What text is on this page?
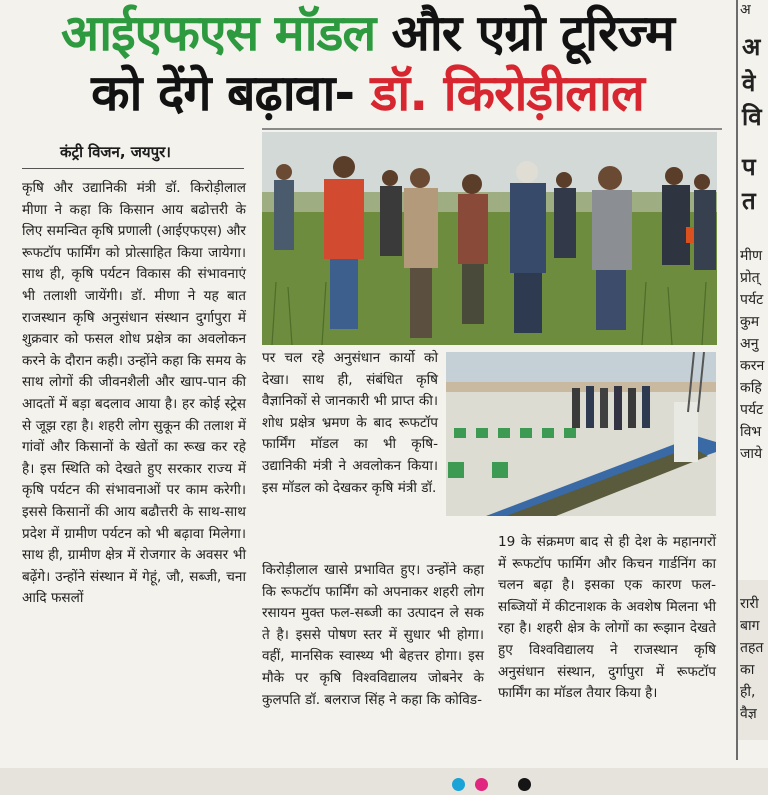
आईएफएस मॉडल और एग्रो टूरिज्म
को देंगे बढ़ावा- डॉ. किरोड़ीलाल
कंट्री विजन, जयपुर।
कृषि और उद्यानिकी मंत्री डॉ. किरोड़ीलाल मीणा ने कहा कि किसान आय बढोत्तरी के लिए समन्वित कृषि प्रणाली (आईएफएस) और रूफटॉप फार्मिंग को प्रोत्साहित किया जायेगा। साथ ही, कृषि पर्यटन विकास की संभावनाएं भी तलाशी जायेंगी। डॉ. मीणा ने यह बात राजस्थान कृषि अनुसंधान संस्थान दुर्गापुरा में शुक्रवार को फसल शोध प्रक्षेत्र का अवलोकन करने के दौरान कही। उन्होंने कहा कि समय के साथ लोगों की जीवनशैली और खाप-पान की आदतों में बड़ा बदलाव आया है। हर कोई स्ट्रेस से जूझ रहा है। शहरी लोग सुकून की तलाश में गांवों और किसानों के खेतों का रूख कर रहे है। इस स्थिति को देखते हुए सरकार राज्य में कृषि पर्यटन की संभावनाओं पर काम करेगी। इससे किसानों की आय बढौत्तरी के साथ-साथ प्रदेश में ग्रामीण पर्यटन को भी बढ़ावा मिलेगा। साथ ही, ग्रामीण क्षेत्र में रोजगार के अवसर भी बढ़ेंगे। उन्होंने संस्थान में गेहूं, जौ, सब्जी, चना आदि फसलों
पर चल रहे अनुसंधान कार्यो को देखा। साथ ही, संबंधित कृषि वैज्ञानिकों से जानकारी भी प्राप्त की। शोध प्रक्षेत्र भ्रमण के बाद रूफटॉप फार्मिंग मॉडल का भी कृषि-उद्यानिकी मंत्री ने अवलोकन किया। इस मॉडल को देखकर कृषि मंत्री डॉ.
किरोड़ीलाल खासे प्रभावित हुए। उन्होंने कहा कि रूफटॉप फार्मिंग को अपनाकर शहरी लोग रसायन मुक्त फल-सब्जी का उत्पादन ले सक ते है। इससे पोषण स्तर में सुधार भी होगा। वहीं, मानसिक स्वास्थ्य भी बेहत्तर होगा। इस मौके पर कृषि विश्वविद्यालय जोबनेर के कुलपति डॉ. बलराज सिंह ने कहा कि कोविड-
19 के संक्रमण बाद से ही देश के महानगरों में रूफटॉप फार्मिग और किचन गार्डनिंग का चलन बढ़ा है। इसका एक कारण फल-सब्जियों में कीटनाशक के अवशेष मिलना भी रहा है। शहरी क्षेत्र के लोगों का रूझान देखते हुए विश्वविद्यालय ने राजस्थान कृषि अनुसंधान संस्थान, दुर्गापुरा में रूफटॉप फार्मिंग का मॉडल तैयार किया है।
अ
अ
वे
वि
प
त
मीण
प्रोत्
पर्यट
कुम
अनु
करन
कहि
पर्यट
विभ
जाये
रारी
बाग
तहत
का
ही,
वैज्ञ
